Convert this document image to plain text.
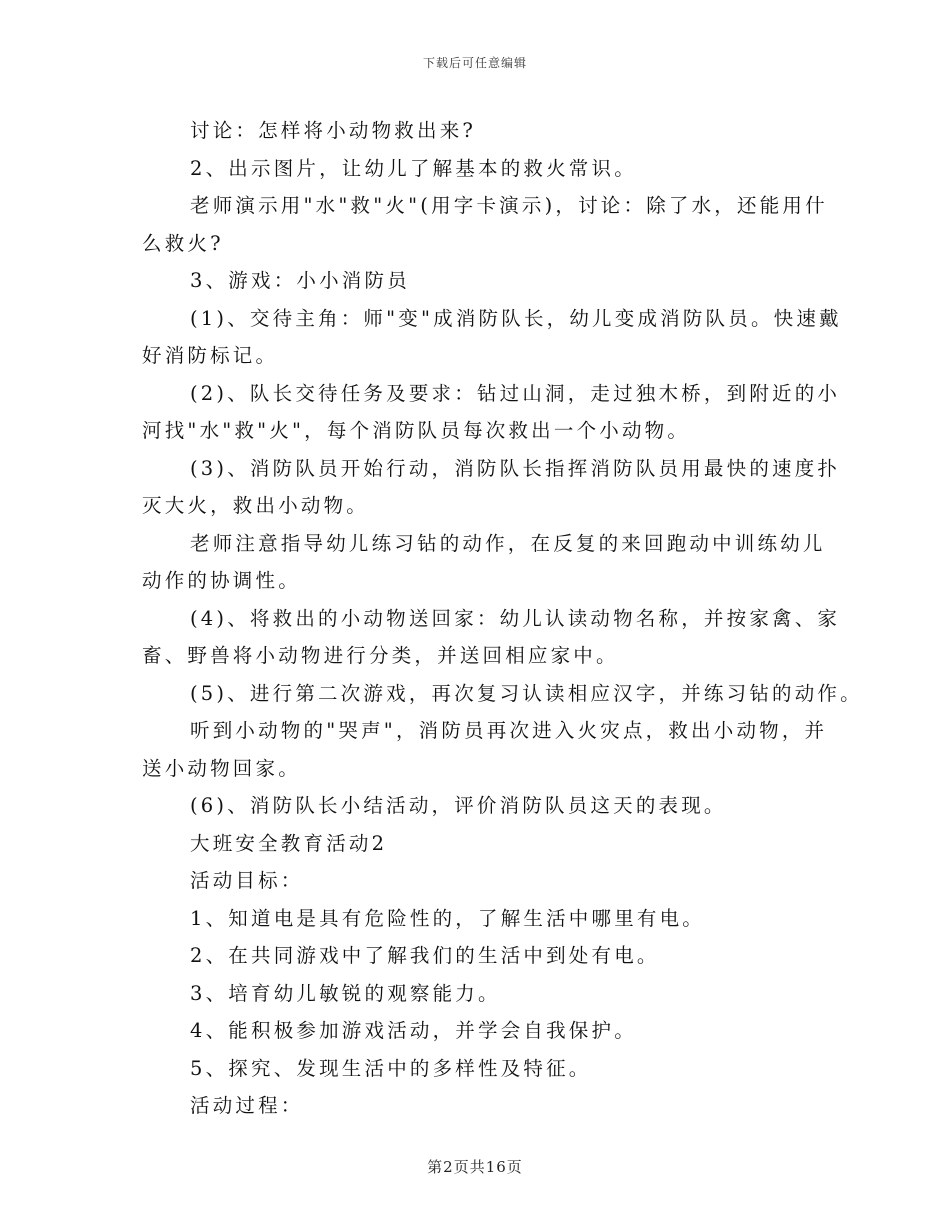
下载后可任意编辑
讨论：怎样将小动物救出来?
2、出示图片，让幼儿了解基本的救火常识。
老师演示用"水"救"火"(用字卡演示)，讨论：除了水，还能用什
么救火?
3、游戏：小小消防员
(1)、交待主角：师"变"成消防队长，幼儿变成消防队员。快速戴
好消防标记。
(2)、队长交待任务及要求：钻过山洞，走过独木桥，到附近的小
河找"水"救"火"，每个消防队员每次救出一个小动物。
(3)、消防队员开始行动，消防队长指挥消防队员用最快的速度扑
灭大火，救出小动物。
老师注意指导幼儿练习钻的动作，在反复的来回跑动中训练幼儿
动作的协调性。
(4)、将救出的小动物送回家：幼儿认读动物名称，并按家禽、家
畜、野兽将小动物进行分类，并送回相应家中。
(5)、进行第二次游戏，再次复习认读相应汉字，并练习钻的动作。
听到小动物的"哭声"，消防员再次进入火灾点，救出小动物，并
送小动物回家。
(6)、消防队长小结活动，评价消防队员这天的表现。
大班安全教育活动2
活动目标：
1、知道电是具有危险性的，了解生活中哪里有电。
2、在共同游戏中了解我们的生活中到处有电。
3、培育幼儿敏锐的观察能力。
4、能积极参加游戏活动，并学会自我保护。
5、探究、发现生活中的多样性及特征。
活动过程：
第2页共16页
